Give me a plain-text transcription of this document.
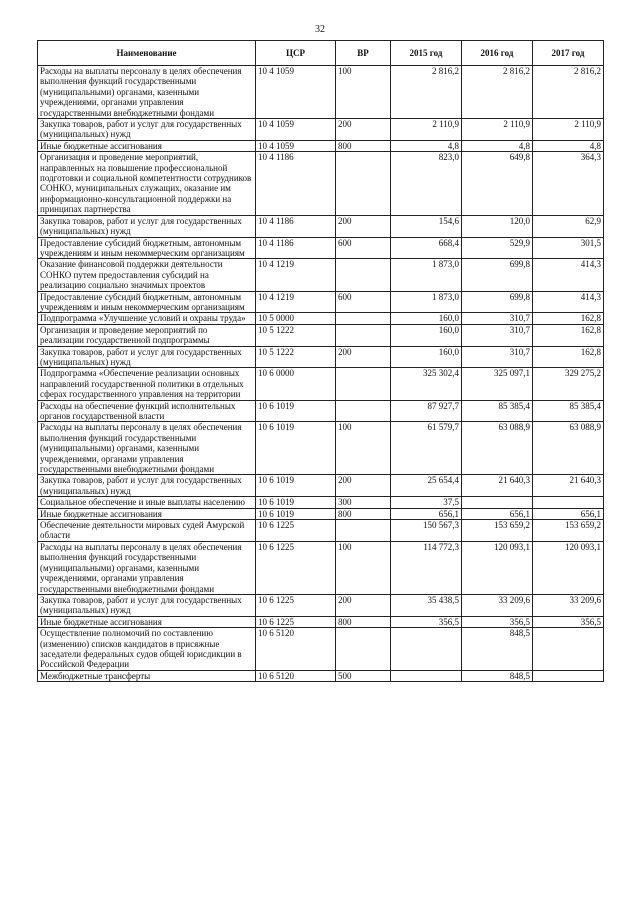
32
Наименование	ЦСР	ВР	2015 год	2016 год	2017 год
Расходы на выплаты персоналу в целях обеспечения выполнения функций государственными (муниципальными) органами, казенными учреждениями, органами управления государственными внебюджетными фондами	10 4 1059	100	2 816,2	2 816,2	2 816,2
Закупка товаров, работ и услуг для государственных (муниципальных) нужд	10 4 1059	200	2 110,9	2 110,9	2 110,9
Иные бюджетные ассигнования	10 4 1059	800	4,8	4,8	4,8
Организация и проведение мероприятий, направленных на повышение профессиональной подготовки и социальной компетентности сотрудников СОНКО, муниципальных служащих, оказание им информационно-консультационной поддержки на принципах партнерства	10 4 1186		823,0	649,8	364,3
Закупка товаров, работ и услуг для государственных (муниципальных) нужд	10 4 1186	200	154,6	120,0	62,9
Предоставление субсидий бюджетным, автономным учреждениям и иным некоммерческим организациям	10 4 1186	600	668,4	529,9	301,5
Оказание финансовой поддержки деятельности СОНКО путем предоставления субсидий на реализацию социально значимых проектов	10 4 1219		1 873,0	699,8	414,3
Предоставление субсидий бюджетным, автономным учреждениям и иным некоммерческим организациям	10 4 1219	600	1 873,0	699,8	414,3
Подпрограмма «Улучшение условий и охраны труда»	10 5 0000		160,0	310,7	162,8
Организация и проведение мероприятий по реализации государственной подпрограммы	10 5 1222		160,0	310,7	162,8
Закупка товаров, работ и услуг для государственных (муниципальных) нужд	10 5 1222	200	160,0	310,7	162,8
Подпрограмма «Обеспечение реализации основных направлений государственной политики в отдельных сферах государственного управления на территории	10 6 0000		325 302,4	325 097,1	329 275,2
Расходы на обеспечение функций исполнительных органов государственной власти	10 6 1019		87 927,7	85 385,4	85 385,4
Расходы на выплаты персоналу в целях обеспечения выполнения функций государственными (муниципальными) органами, казенными учреждениями, органами управления государственными внебюджетными фондами	10 6 1019	100	61 579,7	63 088,9	63 088,9
Закупка товаров, работ и услуг для государственных (муниципальных) нужд	10 6 1019	200	25 654,4	21 640,3	21 640,3
Социальное обеспечение и иные выплаты населению	10 6 1019	300	37,5		
Иные бюджетные ассигнования	10 6 1019	800	656,1	656,1	656,1
Обеспечение деятельности мировых судей Амурской области	10 6 1225		150 567,3	153 659,2	153 659,2
Расходы на выплаты персоналу в целях обеспечения выполнения функций государственными (муниципальными) органами, казенными учреждениями, органами управления государственными внебюджетными фондами	10 6 1225	100	114 772,3	120 093,1	120 093,1
Закупка товаров, работ и услуг для государственных (муниципальных) нужд	10 6 1225	200	35 438,5	33 209,6	33 209,6
Иные бюджетные ассигнования	10 6 1225	800	356,5	356,5	356,5
Осуществление полномочий по составлению (изменению) списков кандидатов в присяжные заседатели федеральных судов общей юрисдикции в Российской Федерации	10 6 5120			848,5	
Межбюджетные трансферты	10 6 5120	500		848,5	
